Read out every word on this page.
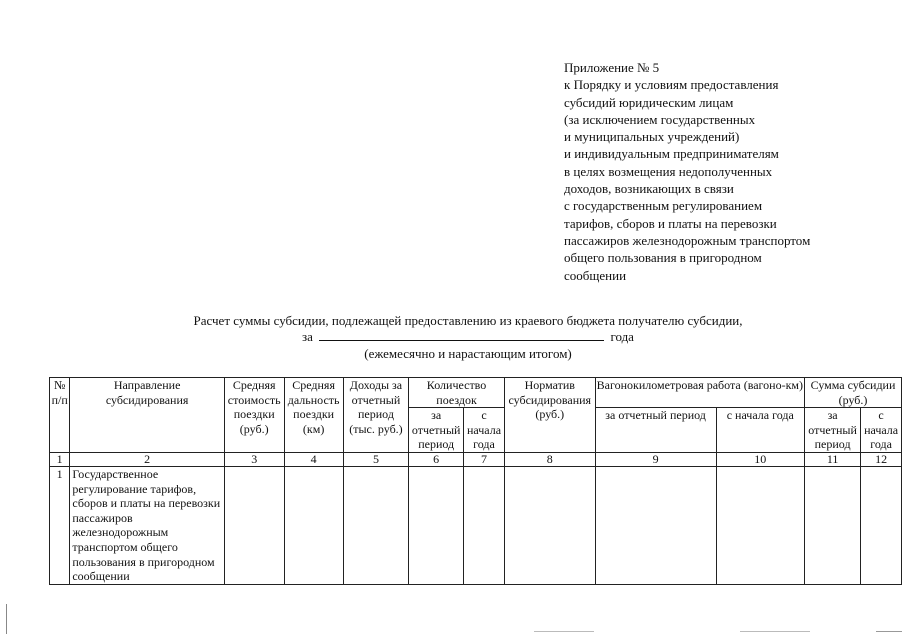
Приложение № 5
к Порядку и условиям предоставления
субсидий юридическим лицам
(за исключением государственных
и муниципальных учреждений)
и индивидуальным предпринимателям
в целях возмещения недополученных
доходов, возникающих в связи
с государственным регулированием
тарифов, сборов и платы на перевозки
пассажиров железнодорожным транспортом
общего пользования в пригородном
сообщении
Расчет суммы субсидии, подлежащей предоставлению из краевого бюджета получателю субсидии,
за	года
(ежемесячно и нарастающим итогом)
№ п/п	Направление субсидирования	Средняя стоимость поездки (руб.)	Средняя дальность поездки (км)	Доходы за отчетный период (тыс. руб.)	Количество поездок		Норматив субсидирования (руб.)	Вагонокилометровая работа (вагоно-км)		Сумма субсидии (руб.)	
					за отчетный период	с начала года		за отчетный период	с начала года	за отчетный период	с начала года
1	2	3	4	5	6	7	8	9	10	11	12
1	Государственное регулирование тарифов, сборов и платы на перевозки пассажиров железнодорожным транспортом общего пользования в пригородном сообщении										
